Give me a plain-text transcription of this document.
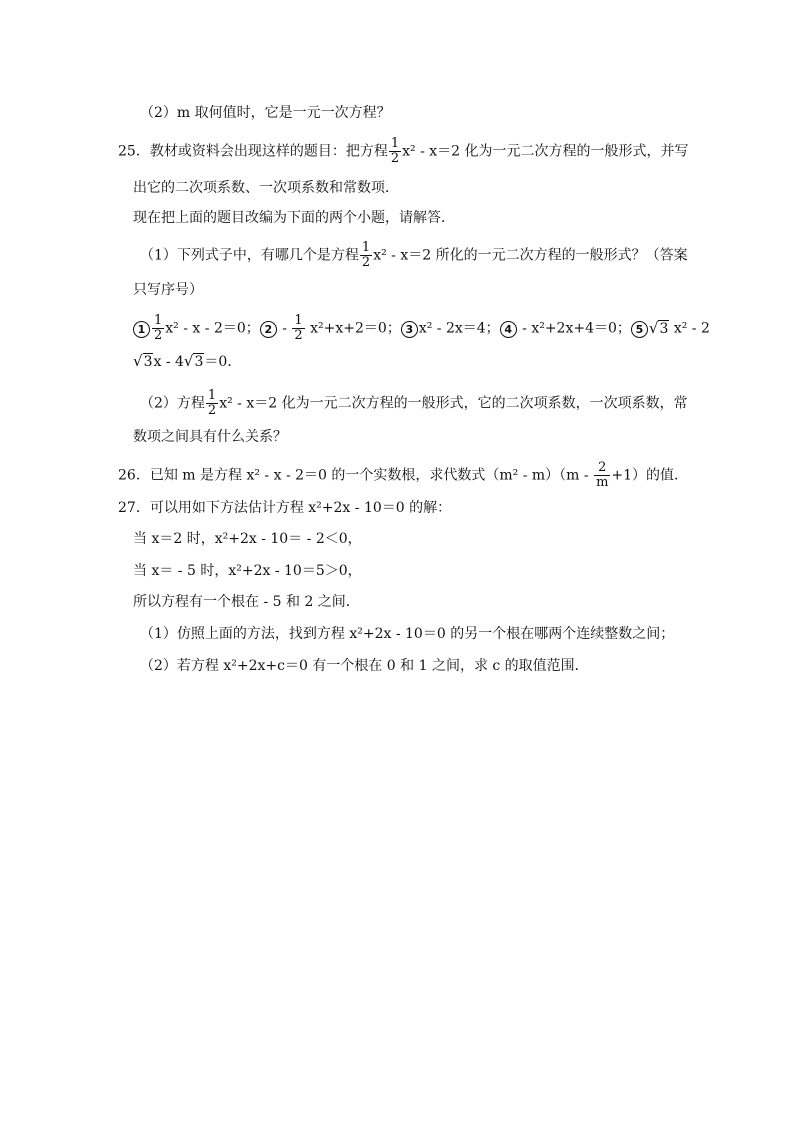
（2）m 取何值时，它是一元一次方程？
25．教材或资料会出现这样的题目：把方程 $\frac{1}{2} x^2 - x=2$ 化为一元二次方程的一般形式，并写
出它的二次项系数、一次项系数和常数项．
现在把上面的题目改编为下面的两个小题，请解答．
（1）下列式子中，有哪几个是方程 $\frac{1}{2} x^2 - x=2$ 所化的一元二次方程的一般形式？（答案
只写序号）
$1 \frac{1}{2} x^2 - x - 2=0$； $2 - \frac{1}{2} x^2+x+2=0$； 3 x² - 2x＝4； 4 - x²+2x+4＝0； 5 √3 x² - 2
√3x - 4√3＝0．
（2）方程 $\frac{1}{2} x^2 - x=2$ 化为一元二次方程的一般形式，它的二次项系数，一次项系数，常
数项之间具有什么关系？
26．已知 m 是方程 x² - x - 2＝0 的一个实数根，求代数式$(m^2 - m)(m - \frac{2}{m} +1)$的值．
27．可以用如下方法估计方程 x²+2x - 10＝0 的解：
当 x＝2 时，x²+2x - 10＝ - 2＜0，
当 x＝ - 5 时，x²+2x - 10＝5＞0，
所以方程有一个根在 - 5 和 2 之间．
（1）仿照上面的方法，找到方程 x²+2x - 10＝0 的另一个根在哪两个连续整数之间；
（2）若方程 x²+2x+c＝0 有一个根在 0 和 1 之间，求 c 的取值范围．
